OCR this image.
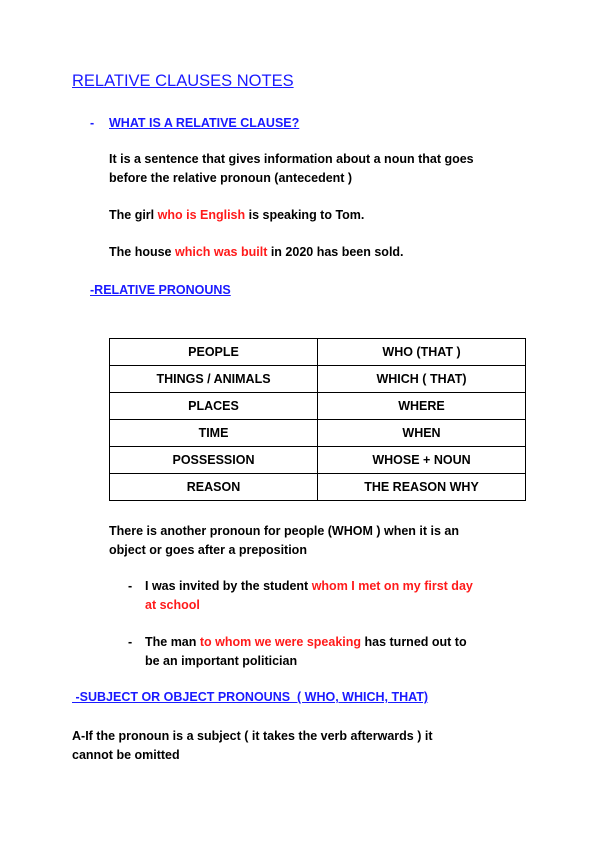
RELATIVE CLAUSES NOTES
- WHAT IS A RELATIVE CLAUSE?
It is a sentence that gives information about a noun that goes
before the relative pronoun (antecedent )
The girl who is English is speaking to Tom.
The house which was built in 2020 has been sold.
-RELATIVE PRONOUNS
PEOPLE	WHO (THAT )
THINGS / ANIMALS	WHICH ( THAT)
PLACES	WHERE
TIME	WHEN
POSSESSION	WHOSE + NOUN
REASON	THE REASON WHY
There is another pronoun for people (WHOM ) when it is an
object or goes after a preposition
- I was invited by the student whom I met on my first day
at school
- The man to whom we were speaking has turned out to
be an important politician
-SUBJECT OR OBJECT PRONOUNS  ( WHO, WHICH, THAT)
A-If the pronoun is a subject ( it takes the verb afterwards ) it
cannot be omitted
